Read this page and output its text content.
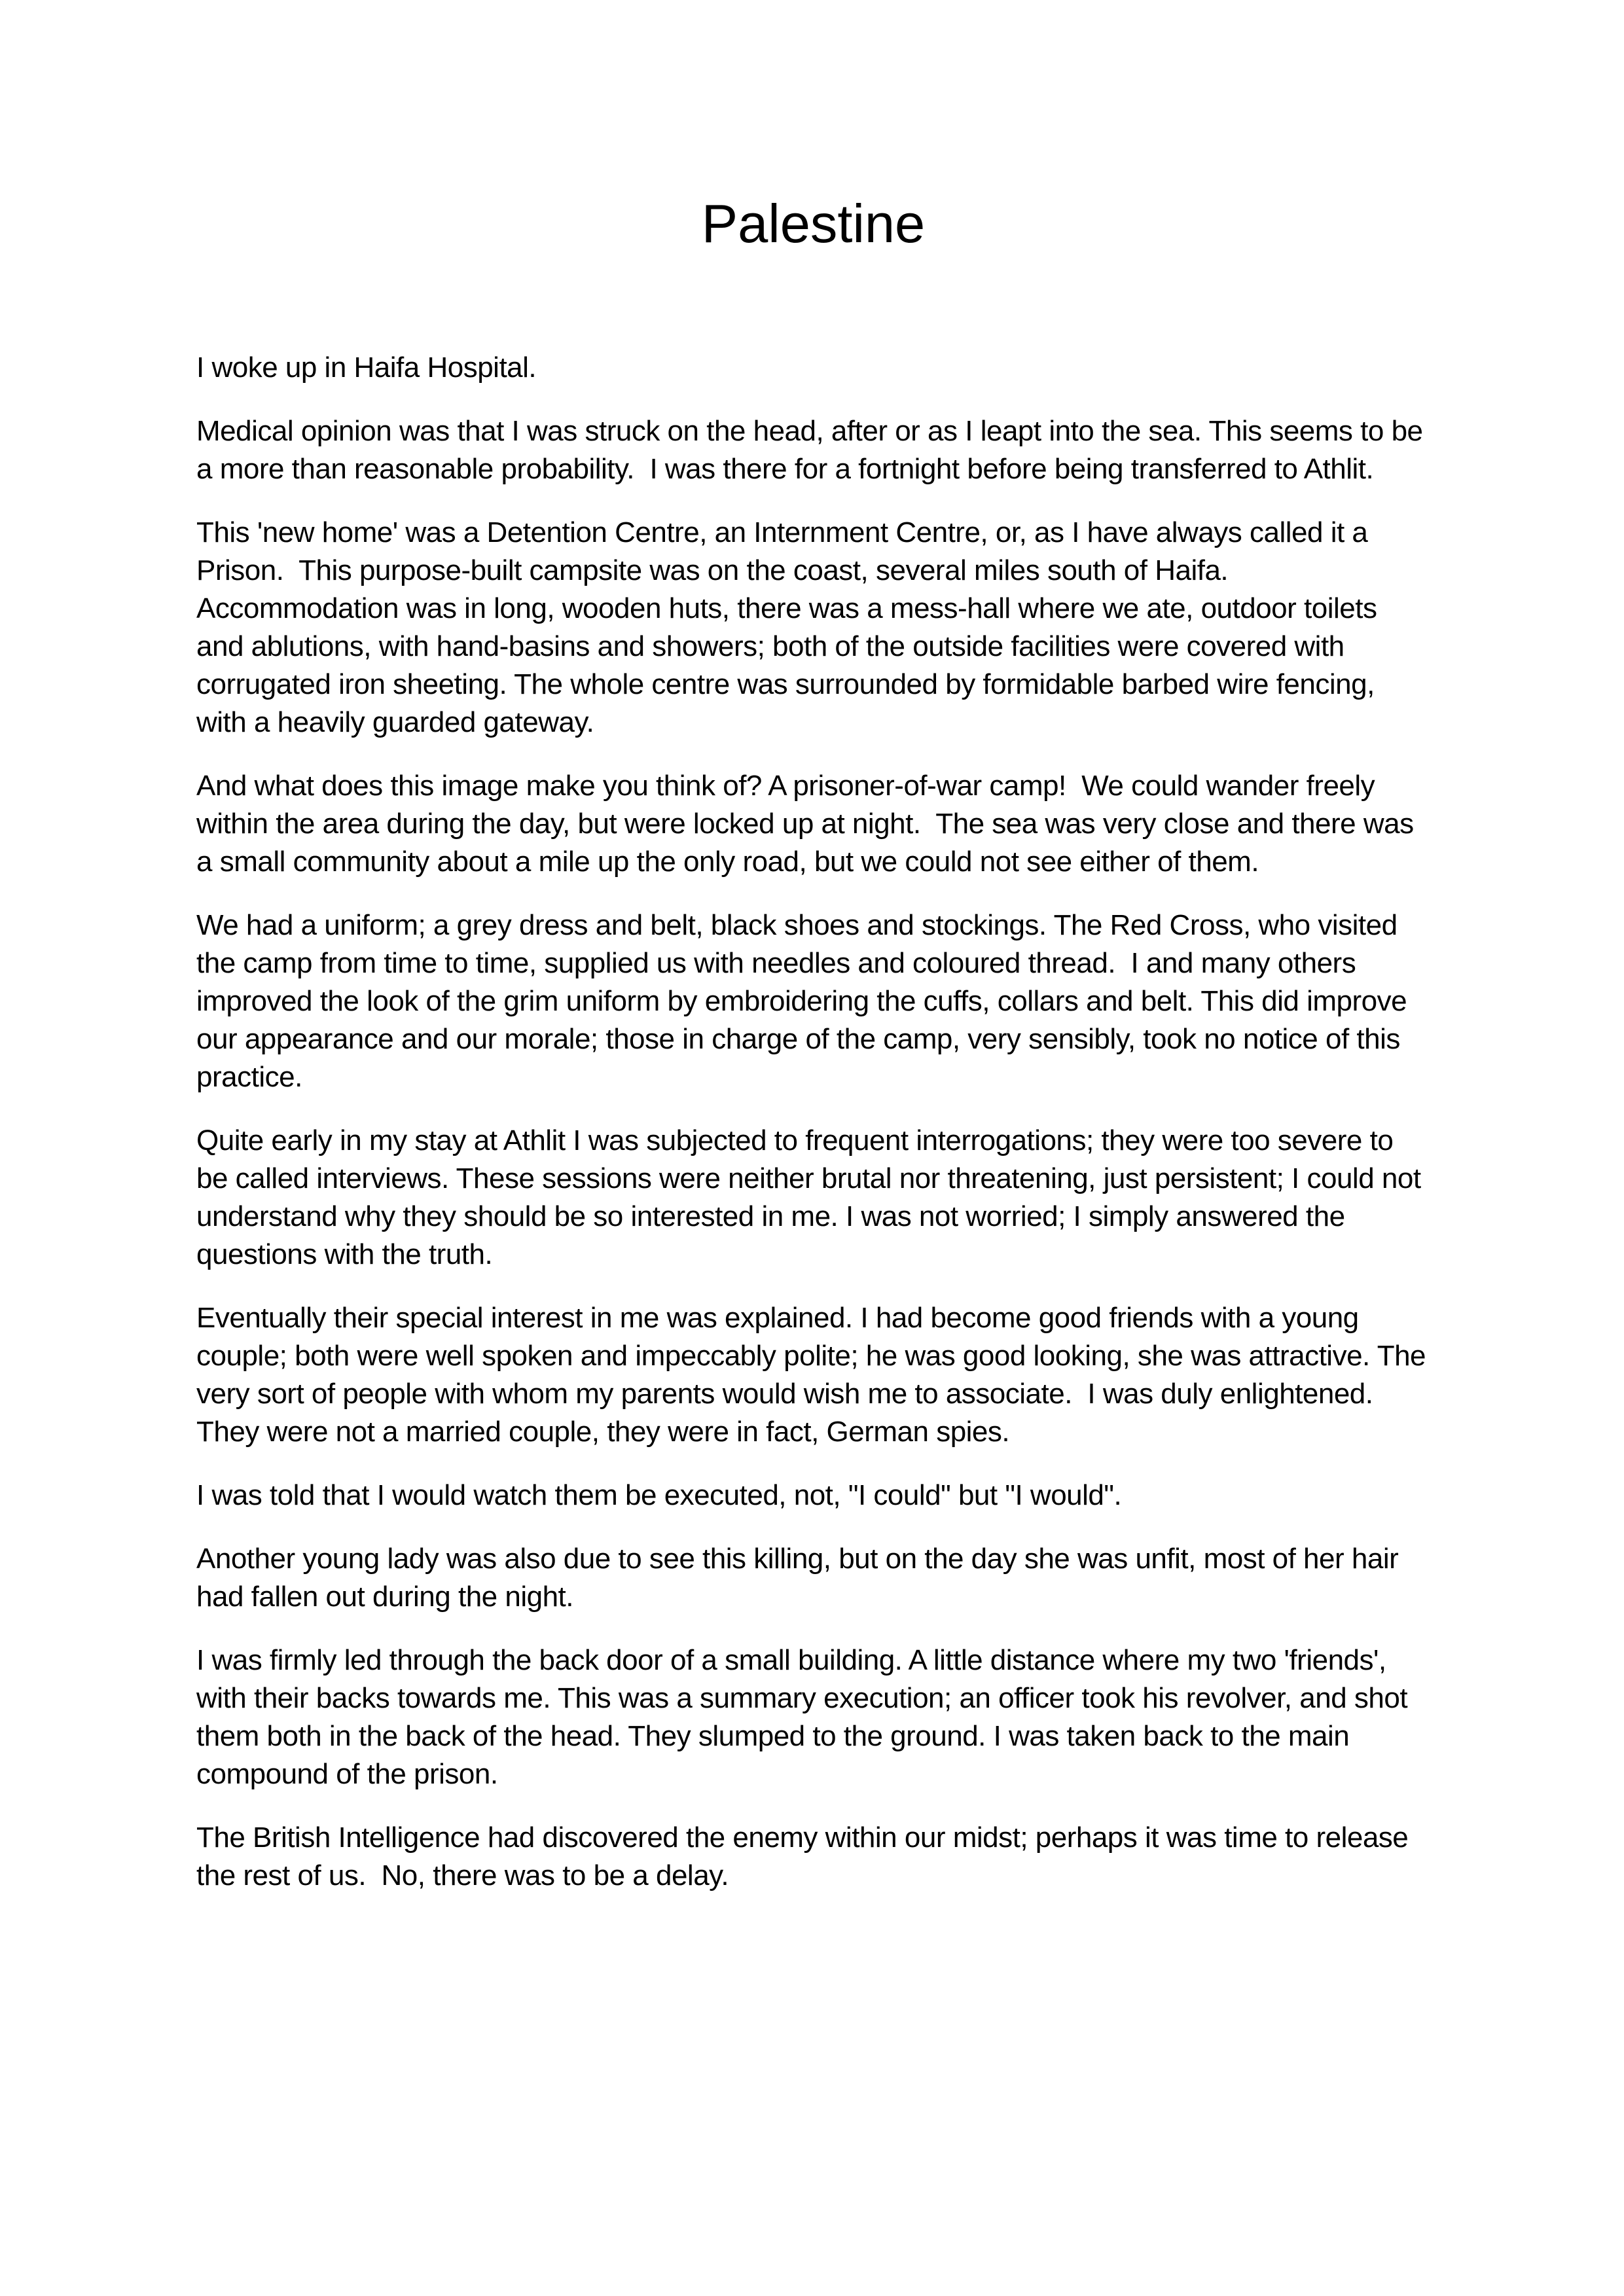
Palestine

I woke up in Haifa Hospital.

Medical opinion was that I was struck on the head, after or as I leapt into the sea. This seems to be a more than reasonable probability.  I was there for a fortnight before being transferred to Athlit.

This 'new home' was a Detention Centre, an Internment Centre, or, as I have always called it a Prison.  This purpose-built campsite was on the coast, several miles south of Haifa. Accommodation was in long, wooden huts, there was a mess-hall where we ate, outdoor toilets and ablutions, with hand-basins and showers; both of the outside facilities were covered with corrugated iron sheeting. The whole centre was surrounded by formidable barbed wire fencing, with a heavily guarded gateway.

And what does this image make you think of? A prisoner-of-war camp!  We could wander freely within the area during the day, but were locked up at night.  The sea was very close and there was a small community about a mile up the only road, but we could not see either of them.

We had a uniform; a grey dress and belt, black shoes and stockings. The Red Cross, who visited the camp from time to time, supplied us with needles and coloured thread.  I and many others improved the look of the grim uniform by embroidering the cuffs, collars and belt. This did improve our appearance and our morale; those in charge of the camp, very sensibly, took no notice of this practice.

Quite early in my stay at Athlit I was subjected to frequent interrogations; they were too severe to be called interviews. These sessions were neither brutal nor threatening, just persistent; I could not understand why they should be so interested in me. I was not worried; I simply answered the questions with the truth.

Eventually their special interest in me was explained. I had become good friends with a young couple; both were well spoken and impeccably polite; he was good looking, she was attractive. The very sort of people with whom my parents would wish me to associate.  I was duly enlightened. They were not a married couple, they were in fact, German spies.

I was told that I would watch them be executed, not, "I could" but "I would".

Another young lady was also due to see this killing, but on the day she was unfit, most of her hair had fallen out during the night.

I was firmly led through the back door of a small building. A little distance where my two 'friends', with their backs towards me. This was a summary execution; an officer took his revolver, and shot them both in the back of the head. They slumped to the ground. I was taken back to the main compound of the prison.

The British Intelligence had discovered the enemy within our midst; perhaps it was time to release the rest of us.  No, there was to be a delay.
